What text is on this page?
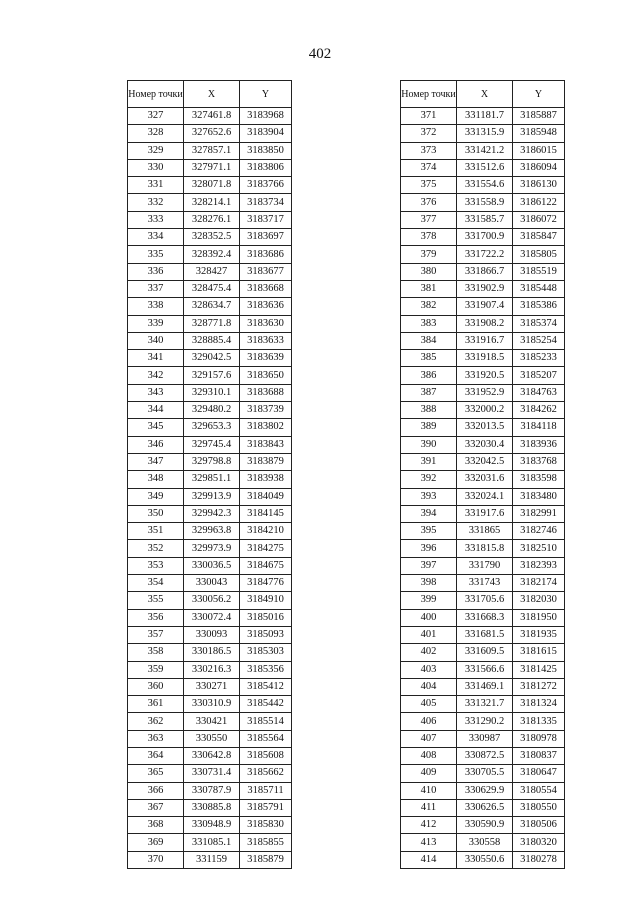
402
Номер точки	X	Y
327	327461.8	3183968
328	327652.6	3183904
329	327857.1	3183850
330	327971.1	3183806
331	328071.8	3183766
332	328214.1	3183734
333	328276.1	3183717
334	328352.5	3183697
335	328392.4	3183686
336	328427	3183677
337	328475.4	3183668
338	328634.7	3183636
339	328771.8	3183630
340	328885.4	3183633
341	329042.5	3183639
342	329157.6	3183650
343	329310.1	3183688
344	329480.2	3183739
345	329653.3	3183802
346	329745.4	3183843
347	329798.8	3183879
348	329851.1	3183938
349	329913.9	3184049
350	329942.3	3184145
351	329963.8	3184210
352	329973.9	3184275
353	330036.5	3184675
354	330043	3184776
355	330056.2	3184910
356	330072.4	3185016
357	330093	3185093
358	330186.5	3185303
359	330216.3	3185356
360	330271	3185412
361	330310.9	3185442
362	330421	3185514
363	330550	3185564
364	330642.8	3185608
365	330731.4	3185662
366	330787.9	3185711
367	330885.8	3185791
368	330948.9	3185830
369	331085.1	3185855
370	331159	3185879
Номер точки	X	Y
371	331181.7	3185887
372	331315.9	3185948
373	331421.2	3186015
374	331512.6	3186094
375	331554.6	3186130
376	331558.9	3186122
377	331585.7	3186072
378	331700.9	3185847
379	331722.2	3185805
380	331866.7	3185519
381	331902.9	3185448
382	331907.4	3185386
383	331908.2	3185374
384	331916.7	3185254
385	331918.5	3185233
386	331920.5	3185207
387	331952.9	3184763
388	332000.2	3184262
389	332013.5	3184118
390	332030.4	3183936
391	332042.5	3183768
392	332031.6	3183598
393	332024.1	3183480
394	331917.6	3182991
395	331865	3182746
396	331815.8	3182510
397	331790	3182393
398	331743	3182174
399	331705.6	3182030
400	331668.3	3181950
401	331681.5	3181935
402	331609.5	3181615
403	331566.6	3181425
404	331469.1	3181272
405	331321.7	3181324
406	331290.2	3181335
407	330987	3180978
408	330872.5	3180837
409	330705.5	3180647
410	330629.9	3180554
411	330626.5	3180550
412	330590.9	3180506
413	330558	3180320
414	330550.6	3180278
